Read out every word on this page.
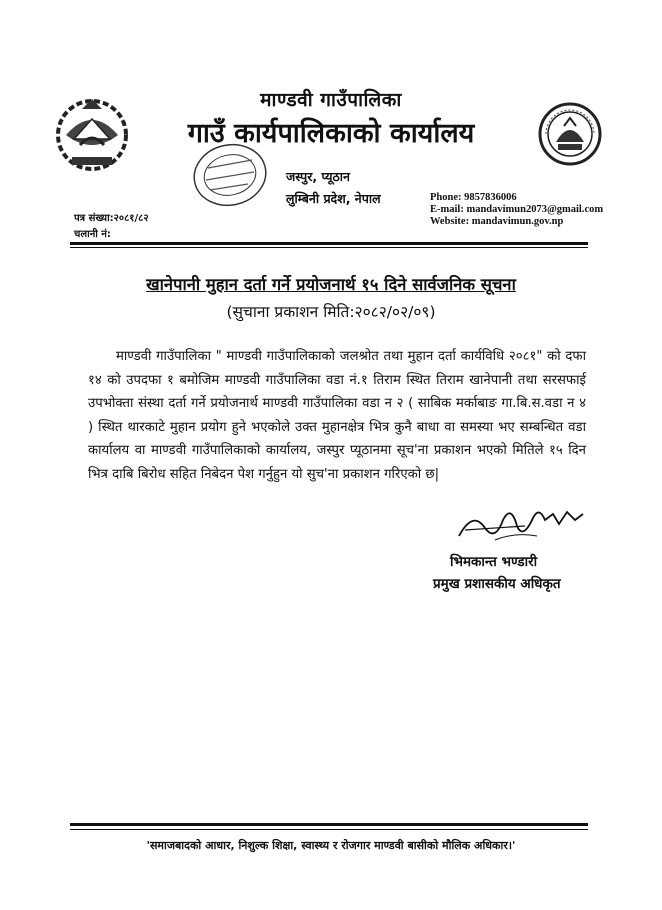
माण्डवी गाउँपालिका
गाउँ कार्यपालिकाको कार्यालय
जस्पुर, प्यूठान
लुम्बिनी प्रदेश, नेपाल	Phone: 9857836006
E-mail: mandavimun2073@gmail.com
Website: mandavimun.gov.np
पत्र संख्या:२०८१/८२
चलानी नं:
खानेपानी मुहान दर्ता गर्ने प्रयोजनार्थ १५ दिने सार्वजनिक सूचना
(सुचाना प्रकाशन मिति:२०८२/०२/०९)
माण्डवी गाउँपालिका " माण्डवी गाउँपालिकाको जलश्रोत तथा मुहान दर्ता कार्यविधि २०८१" को दफा १४ को उपदफा १ बमोजिम माण्डवी गाउँपालिका वडा नं.१ तिराम स्थित तिराम खानेपानी तथा सरसफाई उपभोक्ता संस्था दर्ता गर्ने प्रयोजनार्थ माण्डवी गाउँपालिका वडा न २ ( साबिक मर्काबाङ गा.बि.स.वडा न ४ ) स्थित थारकाटे मुहान प्रयोग हुने भएकोले उक्त मुहानक्षेत्र भित्र कुनै बाधा वा समस्या भए सम्बन्धित वडा कार्यालय वा माण्डवी गाउँपालिकाको कार्यालय, जस्पुर प्यूठानमा सूच'ना प्रकाशन भएको मितिले १५ दिन भित्र दाबि बिरोध सहित निबेदन पेश गर्नुहुन यो सुच'ना प्रकाशन गरिएको छ|
भिमकान्त भण्डारी
प्रमुख प्रशासकीय अधिकृत
'समाजबादको आधार, निशुल्क शिक्षा, स्वास्थ्य र रोजगार माण्डवी बासीको मौलिक अधिकार।'
